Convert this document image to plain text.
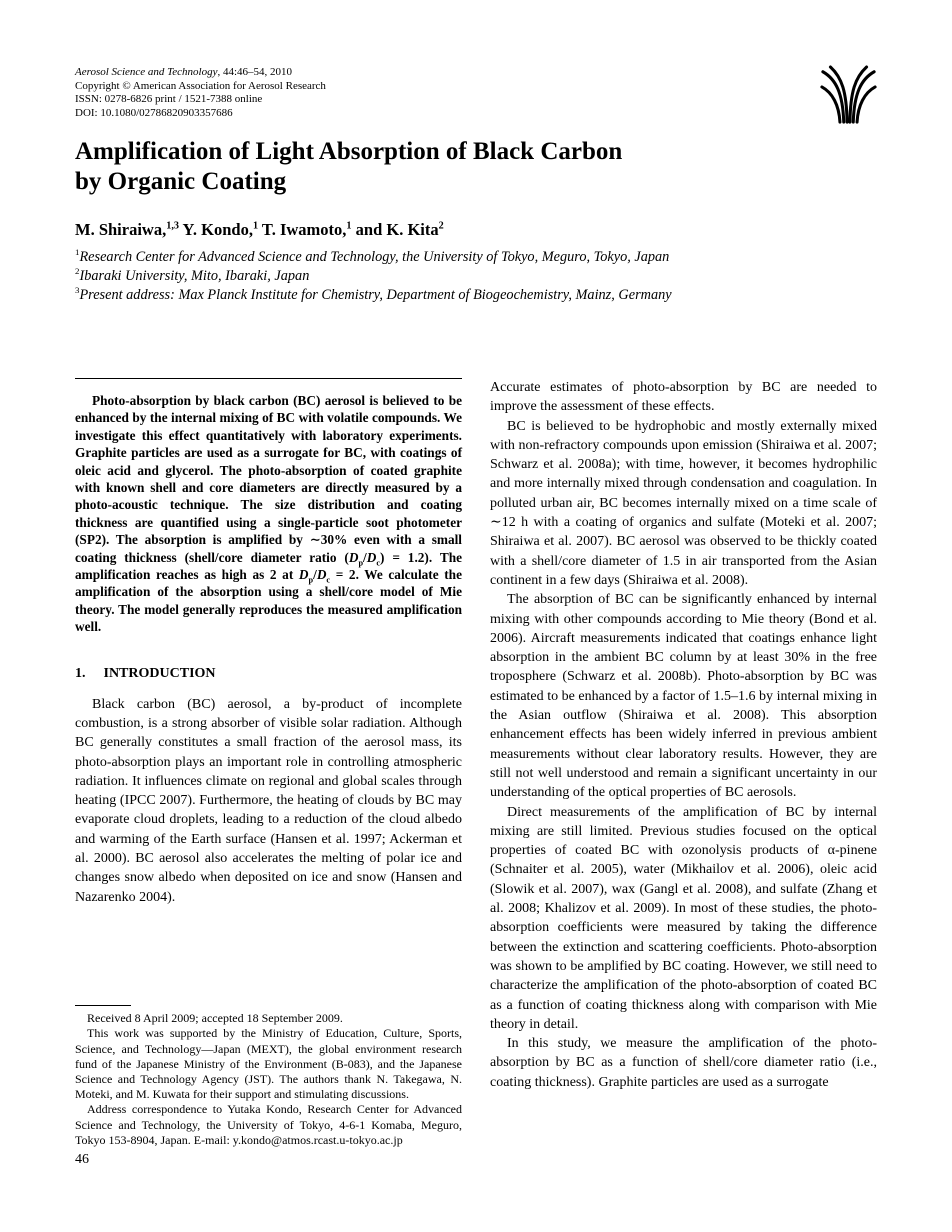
Aerosol Science and Technology, 44:46–54, 2010
Copyright © American Association for Aerosol Research
ISSN: 0278-6826 print / 1521-7388 online
DOI: 10.1080/02786820903357686
Amplification of Light Absorption of Black Carbon
by Organic Coating
M. Shiraiwa,$^{1,3}$ Y. Kondo,$^1$ T. Iwamoto,$^1$ and K. Kita$^2$
$^1$Research Center for Advanced Science and Technology, the University of Tokyo, Meguro, Tokyo, Japan
$^2$Ibaraki University, Mito, Ibaraki, Japan
$^3$Present address: Max Planck Institute for Chemistry, Department of Biogeochemistry, Mainz, Germany

Photo-absorption by black carbon (BC) aerosol is believed to be enhanced by the internal mixing of BC with volatile compounds. We investigate this effect quantitatively with laboratory experiments. Graphite particles are used as a surrogate for BC, with coatings of oleic acid and glycerol. The photo-absorption of coated graphite with known shell and core diameters are directly measured by a photo-acoustic technique. The size distribution and coating thickness are quantified using a single-particle soot photometer (SP2). The absorption is amplified by ∼30% even with a small coating thickness (shell/core diameter ratio $(D_p/D_c) = 1.2$). The amplification reaches as high as 2 at $D_p/D_c = 2$. We calculate the amplification of the absorption using a shell/core model of Mie theory. The model generally reproduces the measured amplification well.

1. INTRODUCTION

Black carbon (BC) aerosol, a by-product of incomplete combustion, is a strong absorber of visible solar radiation. Although BC generally constitutes a small fraction of the aerosol mass, its photo-absorption plays an important role in controlling atmospheric radiation. It influences climate on regional and global scales through heating (IPCC 2007). Furthermore, the heating of clouds by BC may evaporate cloud droplets, leading to a reduction of the cloud albedo and warming of the Earth surface (Hansen et al. 1997; Ackerman et al. 2000). BC aerosol also accelerates the melting of polar ice and changes snow albedo when deposited on ice and snow (Hansen and Nazarenko 2004).

Received 8 April 2009; accepted 18 September 2009.

This work was supported by the Ministry of Education, Culture, Sports, Science, and Technology—Japan (MEXT), the global environment research fund of the Japanese Ministry of the Environment (B-083), and the Japanese Science and Technology Agency (JST). The authors thank N. Takegawa, N. Moteki, and M. Kuwata for their support and stimulating discussions.

Address correspondence to Yutaka Kondo, Research Center for Advanced Science and Technology, the University of Tokyo, 4-6-1 Komaba, Meguro, Tokyo 153-8904, Japan. E-mail: y.kondo@atmos.rcast.u-tokyo.ac.jp

Accurate estimates of photo-absorption by BC are needed to improve the assessment of these effects.

BC is believed to be hydrophobic and mostly externally mixed with non-refractory compounds upon emission (Shiraiwa et al. 2007; Schwarz et al. 2008a); with time, however, it becomes hydrophilic and more internally mixed through condensation and coagulation. In polluted urban air, BC becomes internally mixed on a time scale of ∼12 h with a coating of organics and sulfate (Moteki et al. 2007; Shiraiwa et al. 2007). BC aerosol was observed to be thickly coated with a shell/core diameter of 1.5 in air transported from the Asian continent in a few days (Shiraiwa et al. 2008).

The absorption of BC can be significantly enhanced by internal mixing with other compounds according to Mie theory (Bond et al. 2006). Aircraft measurements indicated that coatings enhance light absorption in the ambient BC column by at least 30% in the free troposphere (Schwarz et al. 2008b). Photo-absorption by BC was estimated to be enhanced by a factor of 1.5–1.6 by internal mixing in the Asian outflow (Shiraiwa et al. 2008). This absorption enhancement effects has been widely inferred in previous ambient measurements without clear laboratory results. However, they are still not well understood and remain a significant uncertainty in our understanding of the optical properties of BC aerosols.

Direct measurements of the amplification of BC by internal mixing are still limited. Previous studies focused on the optical properties of coated BC with ozonolysis products of α-pinene (Schnaiter et al. 2005), water (Mikhailov et al. 2006), oleic acid (Slowik et al. 2007), wax (Gangl et al. 2008), and sulfate (Zhang et al. 2008; Khalizov et al. 2009). In most of these studies, the photo-absorption coefficients were measured by taking the difference between the extinction and scattering coefficients. Photo-absorption was shown to be amplified by BC coating. However, we still need to characterize the amplification of the photo-absorption of coated BC as a function of coating thickness along with comparison with Mie theory in detail.

In this study, we measure the amplification of the photo-absorption by BC as a function of shell/core diameter ratio (i.e., coating thickness). Graphite particles are used as a surrogate

46
